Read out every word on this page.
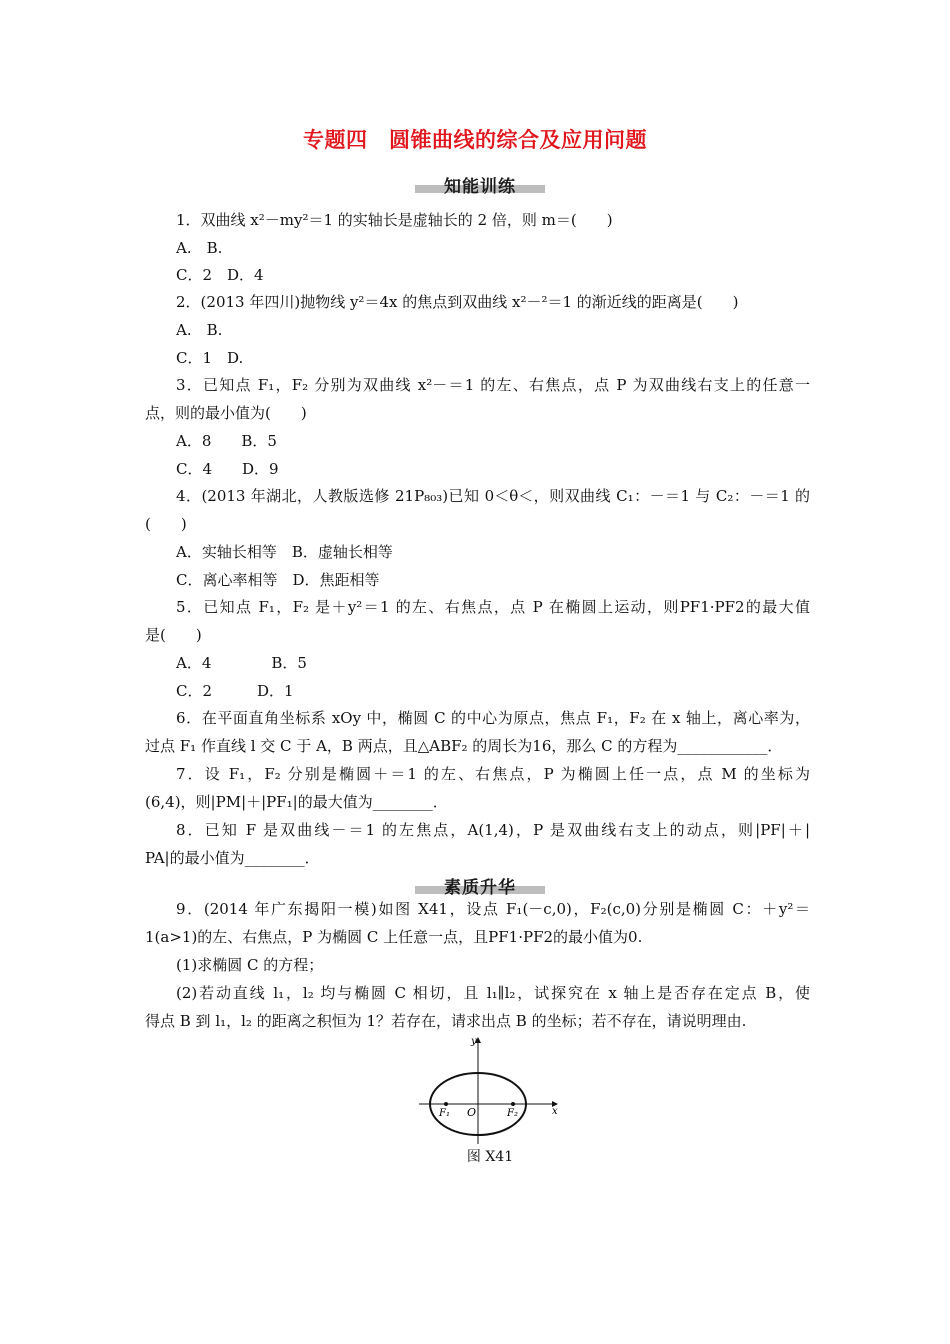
专题四　圆锥曲线的综合及应用问题
知能训练
1．双曲线 x²－my²＝1 的实轴长是虚轴长的 2 倍，则 m＝(　　)
A.　B.
C．2　D．4
2．(2013 年四川)抛物线 y²＝4x 的焦点到双曲线 x²－²＝1 的渐近线的距离是(　　)
A.　B.
C．1　D.
3．已知点 F₁，F₂ 分别为双曲线 x²－＝1 的左、右焦点，点 P 为双曲线右支上的任意一
点，则的最小值为(　　)
A．8　　B．5
C．4　　D．9
4．(2013 年湖北，人教版选修 21P₈₀₃)已知 0＜θ＜，则双曲线 C₁：－＝1 与 C₂：－＝1 的
(　　)
A．实轴长相等　B．虚轴长相等
C．离心率相等　D．焦距相等
5．已知点 F₁，F₂ 是＋y²＝1 的左、右焦点，点 P 在椭圆上运动，则PF1·PF2的最大值
是(　　)
A．4　　　　B．5
C．2　　　D．1
6．在平面直角坐标系 xOy 中，椭圆 C 的中心为原点，焦点 F₁，F₂ 在 x 轴上，离心率为，
过点 F₁ 作直线 l 交 C 于 A，B 两点，且△ABF₂ 的周长为16，那么 C 的方程为____________．
7．设 F₁，F₂ 分别是椭圆＋＝1 的左、右焦点，P 为椭圆上任一点，点 M 的坐标为
(6,4)，则|PM|＋|PF₁|的最大值为________．
8．已知 F 是双曲线－＝1 的左焦点，A(1,4)，P 是双曲线右支上的动点，则|PF|＋|
PA|的最小值为________．
素质升华
9．(2014 年广东揭阳一模)如图 X41，设点 F₁(－c,0)，F₂(c,0)分别是椭圆 C：＋y²＝
1(a>1)的左、右焦点，P 为椭圆 C 上任意一点，且PF1·PF2的最小值为0.
(1)求椭圆 C 的方程；
(2)若动直线 l₁，l₂ 均与椭圆 C 相切，且 l₁∥l₂，试探究在 x 轴上是否存在定点 B，使
得点 B 到 l₁，l₂ 的距离之积恒为 1？若存在，请求出点 B 的坐标；若不存在，请说明理由.
y
x
O
F₁	F₂
图 X41
